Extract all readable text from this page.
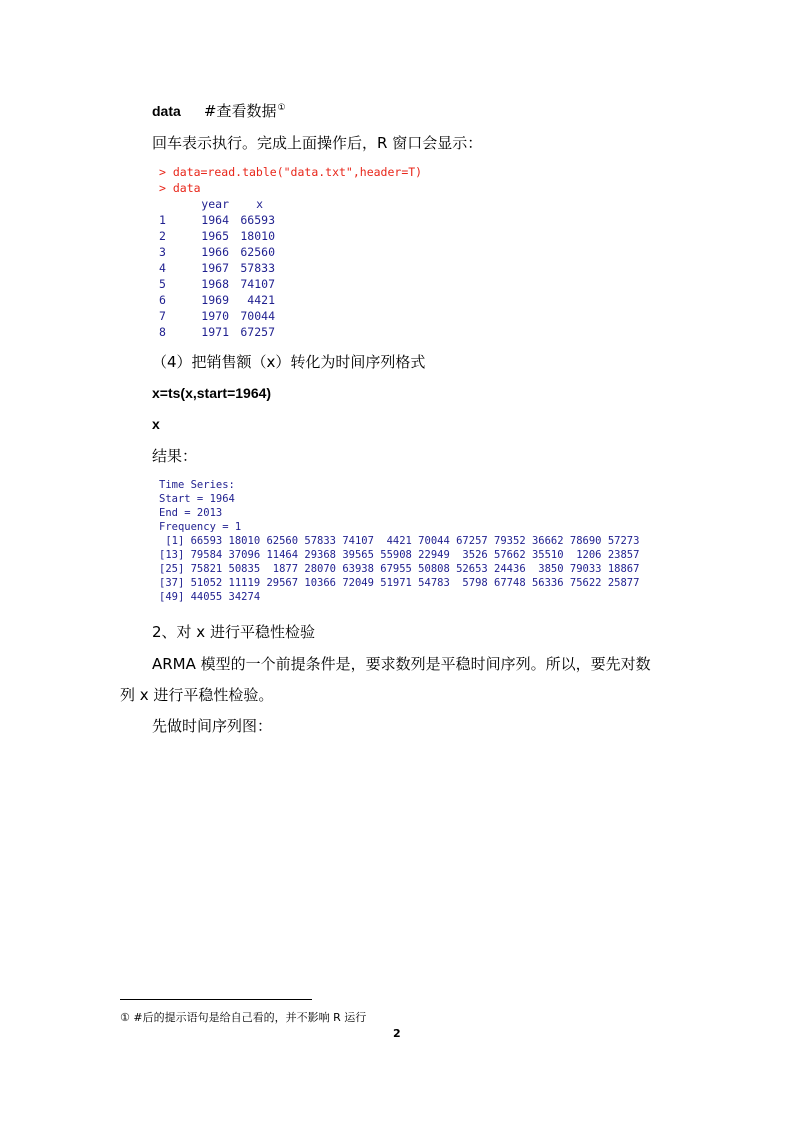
data #查看数据①
回车表示执行。完成上面操作后，R 窗口会显示：
> data=read.table("data.txt",header=T)
> data
year x
1	1964 66593
2	1965 18010
3	1966 62560
4	1967 57833
5	1968 74107
6	1969 4421
7	1970 70044
8	1971 67257
（4）把销售额（x）转化为时间序列格式
x=ts(x,start=1964)
x
结果：
Time Series:
Start = 1964
End = 2013
Frequency = 1
[1] 66593 18010 62560 57833 74107  4421 70044 67257 79352 36662 78690 57273
[13] 79584 37096 11464 29368 39565 55908 22949  3526 57662 35510  1206 23857
[25] 75821 50835  1877 28070 63938 67955 50808 52653 24436  3850 79033 18867
[37] 51052 11119 29567 10366 72049 51971 54783  5798 67748 56336 75622 25877
[49] 44055 34274
2、对 x 进行平稳性检验
ARMA 模型的一个前提条件是，要求数列是平稳时间序列。所以，要先对数
列 x 进行平稳性检验。
先做时间序列图：
① #后的提示语句是给自己看的，并不影响 R 运行
2
